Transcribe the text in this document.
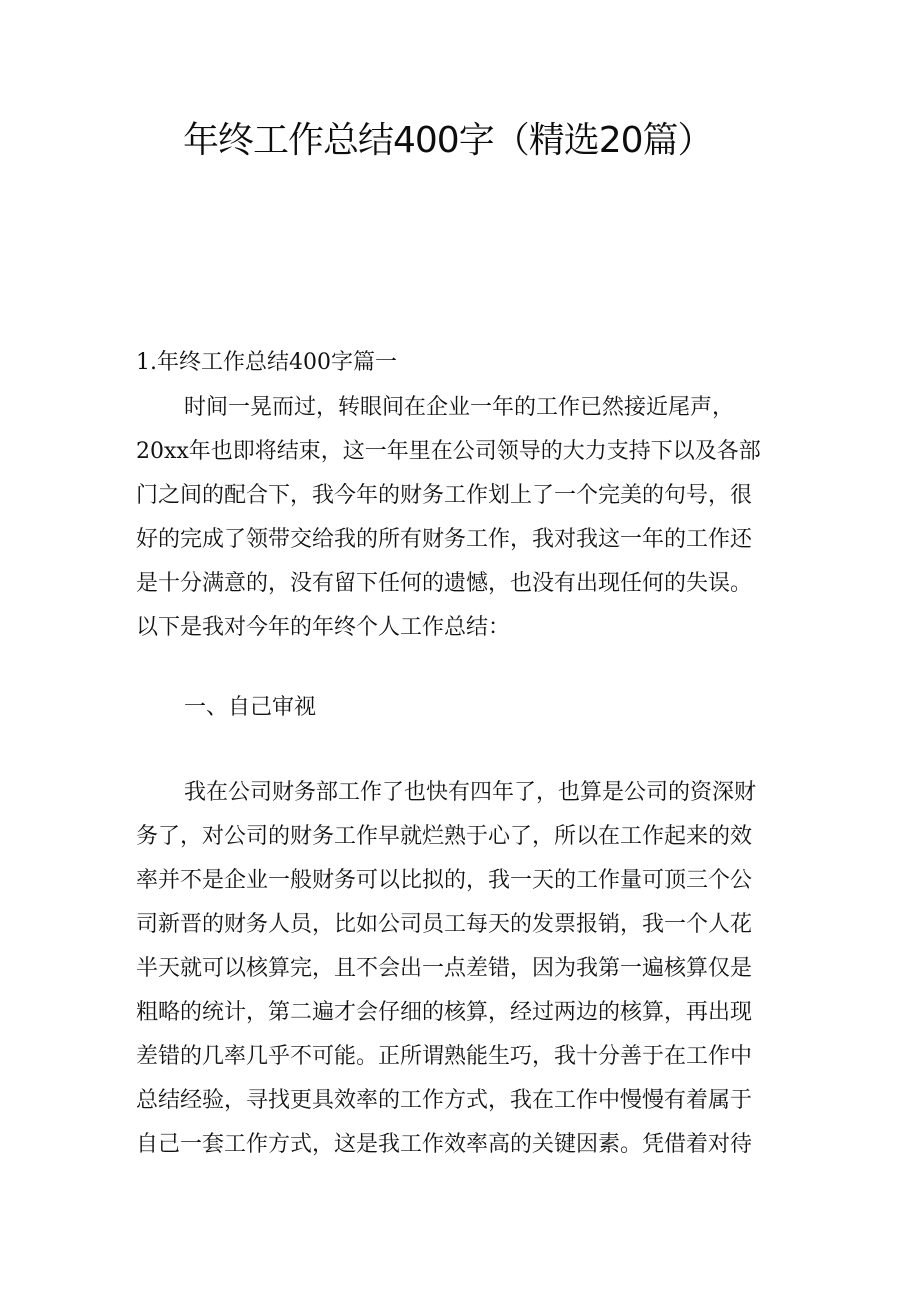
年终工作总结400字（精选20篇）
1.年终工作总结400字篇一
时间一晃而过，转眼间在企业一年的工作已然接近尾声，
20xx年也即将结束，这一年里在公司领导的大力支持下以及各部
门之间的配合下，我今年的财务工作划上了一个完美的句号，很
好的完成了领带交给我的所有财务工作，我对我这一年的工作还
是十分满意的，没有留下任何的遗憾，也没有出现任何的失误。
以下是我对今年的年终个人工作总结：
一、自己审视
我在公司财务部工作了也快有四年了，也算是公司的资深财
务了，对公司的财务工作早就烂熟于心了，所以在工作起来的效
率并不是企业一般财务可以比拟的，我一天的工作量可顶三个公
司新晋的财务人员，比如公司员工每天的发票报销，我一个人花
半天就可以核算完，且不会出一点差错，因为我第一遍核算仅是
粗略的统计，第二遍才会仔细的核算，经过两边的核算，再出现
差错的几率几乎不可能。正所谓熟能生巧，我十分善于在工作中
总结经验，寻找更具效率的工作方式，我在工作中慢慢有着属于
自己一套工作方式，这是我工作效率高的关键因素。凭借着对待
